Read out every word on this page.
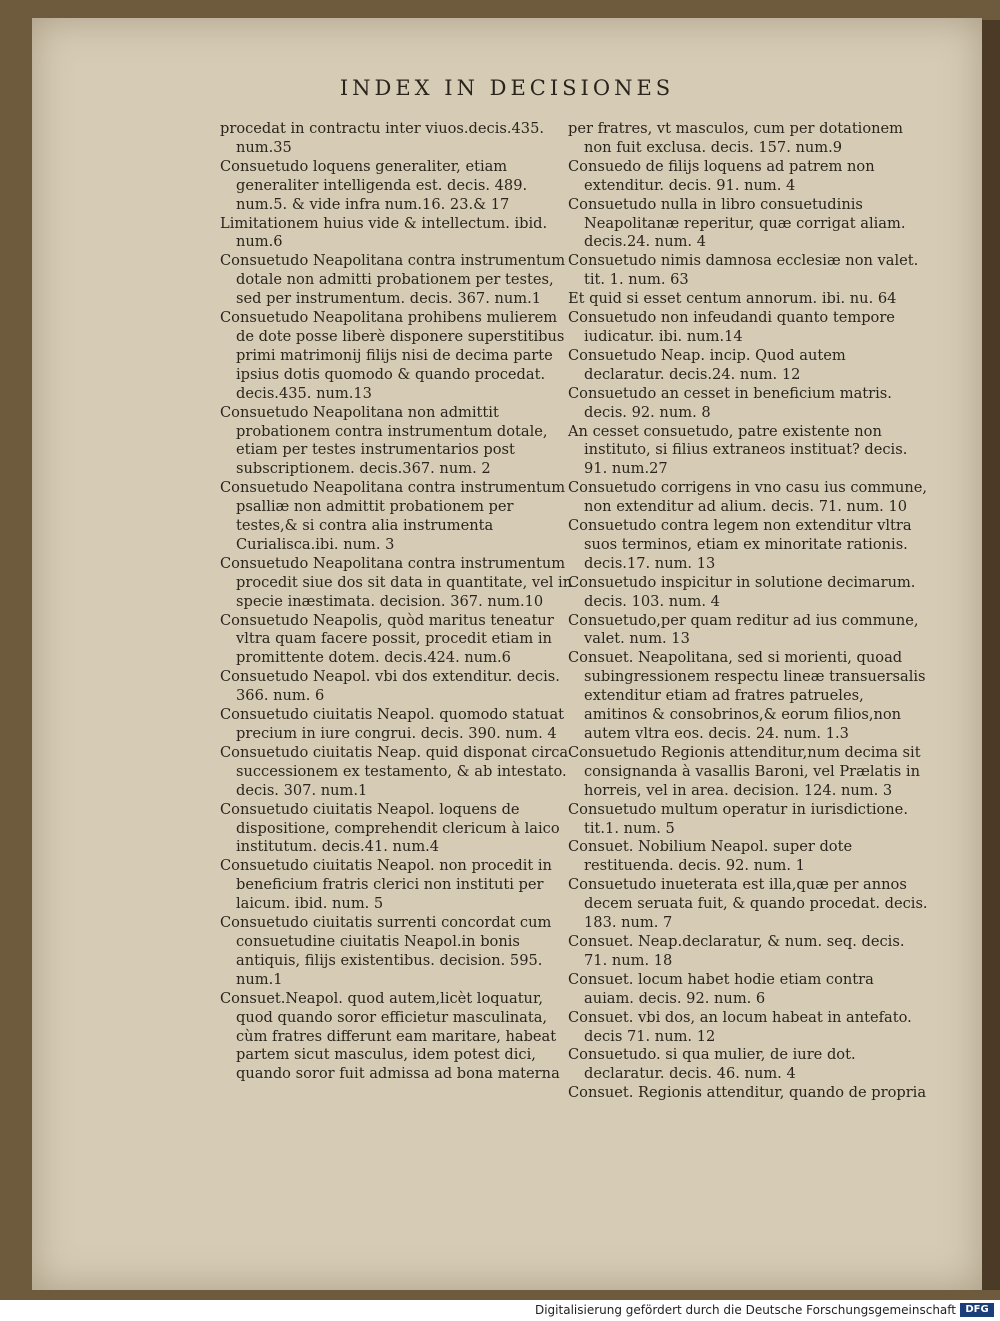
INDEX IN DECISIONES

procedat in contractu inter viuos.decis.435. num.35

Consuetudo loquens generaliter, etiam generaliter intelligenda est. decis. 489. num.5. & vide infra num.16. 23.& 17

Limitationem huius vide & intellectum. ibid. num.6

Consuetudo Neapolitana contra instrumentum dotale non admitti probationem per testes, sed per instrumentum. decis. 367. num.1

Consuetudo Neapolitana prohibens mulierem de dote posse liberè disponere superstitibus primi matrimonij filijs nisi de decima parte ipsius dotis quomodo & quando procedat. decis.435. num.13

Consuetudo Neapolitana non admittit probationem contra instrumentum dotale, etiam per testes instrumentarios post subscriptionem. decis.367. num. 2

Consuetudo Neapolitana contra instrumentum psalliæ non admittit probationem per testes,& si contra alia instrumenta Curialisca.ibi. num. 3

Consuetudo Neapolitana contra instrumentum procedit siue dos sit data in quantitate, vel in specie inæstimata. decision. 367. num.10

Consuetudo Neapolis, quòd maritus teneatur vltra quam facere possit, procedit etiam in promittente dotem. decis.424. num.6

Consuetudo Neapol. vbi dos extenditur. decis. 366. num. 6

Consuetudo ciuitatis Neapol. quomodo statuat precium in iure congrui. decis. 390. num. 4

Consuetudo ciuitatis Neap. quid disponat circa successionem ex testamento, & ab intestato. decis. 307. num.1

Consuetudo ciuitatis Neapol. loquens de dispositione, comprehendit clericum à laico institutum. decis.41. num.4

Consuetudo ciuitatis Neapol. non procedit in beneficium fratris clerici non instituti per laicum. ibid. num. 5

Consuetudo ciuitatis surrenti concordat cum consuetudine ciuitatis Neapol.in bonis antiquis, filijs existentibus. decision. 595. num.1

Consuet.Neapol. quod autem,licèt loquatur, quod quando soror efficietur masculinata, cùm fratres differunt eam maritare, habeat partem sicut masculus, idem potest dici, quando soror fuit admissa ad bona materna

per fratres, vt masculos, cum per dotationem non fuit exclusa. decis. 157. num.9

Consuedo de filijs loquens ad patrem non extenditur. decis. 91. num. 4

Consuetudo nulla in libro consuetudinis Neapolitanæ reperitur, quæ corrigat aliam. decis.24. num. 4

Consuetudo nimis damnosa ecclesiæ non valet. tit. 1. num. 63

Et quid si esset centum annorum. ibi. nu. 64

Consuetudo non infeudandi quanto tempore iudicatur. ibi. num.14

Consuetudo Neap. incip. Quod autem declaratur. decis.24. num. 12

Consuetudo an cesset in beneficium matris. decis. 92. num. 8

An cesset consuetudo, patre existente non instituto, si filius extraneos instituat? decis. 91. num.27

Consuetudo corrigens in vno casu ius commune, non extenditur ad alium. decis. 71. num. 10

Consuetudo contra legem non extenditur vltra suos terminos, etiam ex minoritate rationis. decis.17. num. 13

Consuetudo inspicitur in solutione decimarum. decis. 103. num. 4

Consuetudo,per quam reditur ad ius commune, valet. num. 13

Consuet. Neapolitana, sed si morienti, quoad subingressionem respectu lineæ transuersalis extenditur etiam ad fratres patrueles, amitinos & consobrinos,& eorum filios,non autem vltra eos. decis. 24. num. 1.3

Consuetudo Regionis attenditur,num decima sit consignanda à vasallis Baroni, vel Prælatis in horreis, vel in area. decision. 124. num. 3

Consuetudo multum operatur in iurisdictione. tit.1. num. 5

Consuet. Nobilium Neapol. super dote restituenda. decis. 92. num. 1

Consuetudo inueterata est illa,quæ per annos decem seruata fuit, & quando procedat. decis. 183. num. 7

Consuet. Neap.declaratur, & num. seq. decis. 71. num. 18

Consuet. locum habet hodie etiam contra auiam. decis. 92. num. 6

Consuet. vbi dos, an locum habeat in antefato. decis 71. num. 12

Consuetudo. si qua mulier, de iure dot. declaratur. decis. 46. num. 4

Consuet. Regionis attenditur, quando de propria

Digitalisierung gefördert durch die Deutsche Forschungsgemeinschaft DFG
